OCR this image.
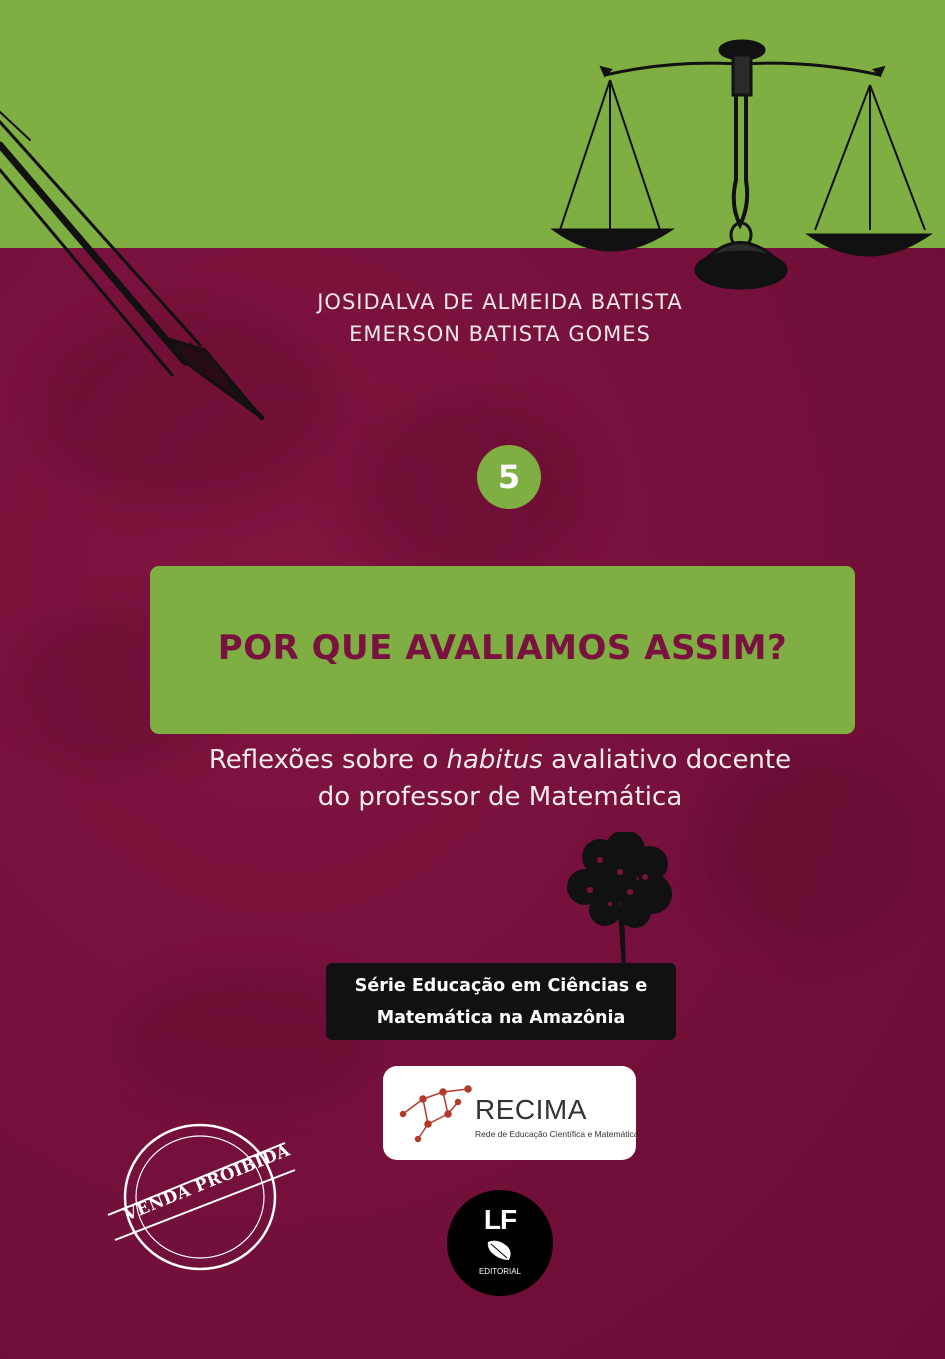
JOSIDALVA DE ALMEIDA BATISTA
EMERSON BATISTA GOMES
5
POR QUE AVALIAMOS ASSIM?
Reflexões sobre o habitus avaliativo docente
do professor de Matemática
Série Educação em Ciências e
Matemática na Amazônia
RECIMA
Rede de Educação Científica e Matemática
LF
EDITORIAL
VENDA PROIBIDA
